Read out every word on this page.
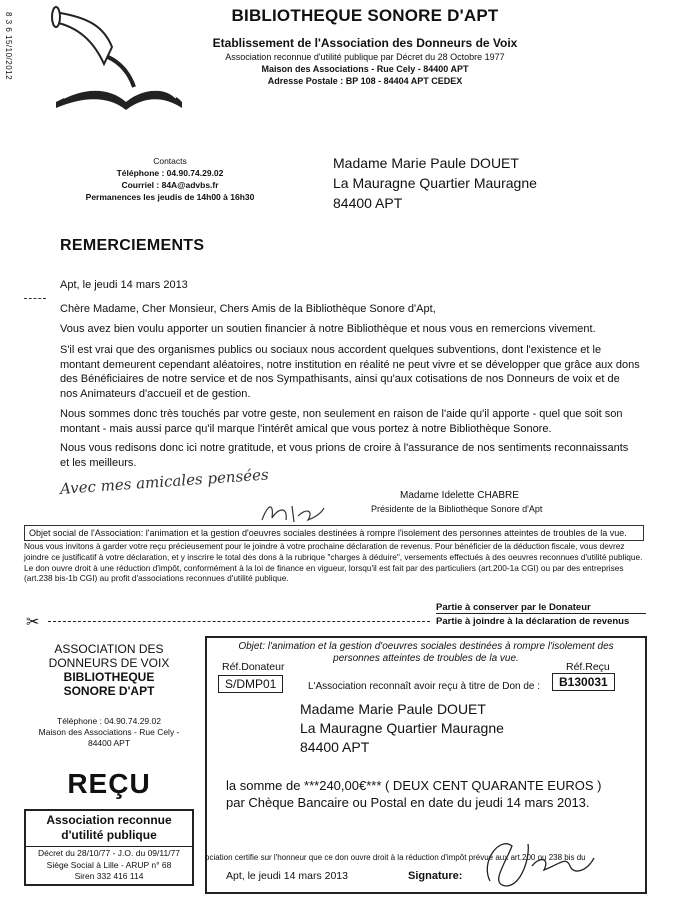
8 3 6 15/10/2012	BIBLIOTHEQUE SONORE D'APT
Etablissement de l'Association des Donneurs de Voix
Association reconnue d'utilité publique par Décret du 28 Octobre 1977
Maison des Associations - Rue Cely - 84400 APT
Adresse Postale : BP 108 - 84404 APT CEDEX
Contacts
Téléphone : 04.90.74.29.02
Courriel : 84A@advbs.fr
Permanences les jeudis de 14h00 à 16h30
Madame Marie Paule DOUET
La Mauragne Quartier Mauragne
84400 APT
REMERCIEMENTS
Apt, le jeudi 14 mars 2013
Chère Madame, Cher Monsieur, Chers Amis de la Bibliothèque Sonore d'Apt,
Vous avez bien voulu apporter un soutien financier à notre Bibliothèque et nous vous en remercions vivement.
S'il est vrai que des organismes publics ou sociaux nous accordent quelques subventions, dont l'existence et le montant demeurent cependant aléatoires, notre institution en réalité ne peut vivre et se développer que grâce aux dons des Bénéficiaires de notre service et de nos Sympathisants, ainsi qu'aux cotisations de nos Donneurs de voix et de nos Animateurs d'accueil et de gestion.
Nous sommes donc très touchés par votre geste, non seulement en raison de l'aide qu'il apporte - quel que soit son montant - mais aussi parce qu'il marque l'intérêt amical que vous portez à notre Bibliothèque Sonore.
Nous vous redisons donc ici notre gratitude, et vous prions de croire à l'assurance de nos sentiments reconnaissants et les meilleurs.
Avec mes amicales pensées	Madame Idelette CHABRE
Présidente de la Bibliothèque Sonore d'Apt
Objet social de l'Association: l'animation et la gestion d'oeuvres sociales destinées à rompre l'isolement des personnes atteintes de troubles de la vue.
Nous vous invitons à garder votre reçu précieusement pour le joindre à votre prochaine déclaration de revenus. Pour bénéficier de la déduction fiscale, vous devrez joindre ce justificatif à votre déclaration, et y inscrire le total des dons à la rubrique "charges à déduire", versements effectués à des oeuvres reconnues d'utilité publique. Le don ouvre droit à une réduction d'impôt, conformément à la loi de finance en vigueur, lorsqu'il est fait par des particuliers (art.200-1a CGI) ou par des entreprises (art.238 bis-1b CGI) au profit d'associations reconnues d'utilité publique.
Partie à conserver par le Donateur
✂	Partie à joindre à la déclaration de revenus
ASSOCIATION DES
DONNEURS DE VOIX
BIBLIOTHEQUE
SONORE D'APT
Téléphone : 04.90.74.29.02
Maison des Associations - Rue Cely -
84400 APT
REÇU
Association reconnue
d'utilité publique
Décret du 28/10/77 - J.O. du 09/11/77
Siège Social à Lille - ARUP n° 68
Siren 332 416 114
Objet: l'animation et la gestion d'oeuvres sociales destinées à rompre l'isolement des
personnes atteintes de troubles de la vue.
Réf.Donateur
S/DMP01
Réf.Reçu
B130031
L'Association reconnaît avoir reçu à titre de Don de :
Madame Marie Paule DOUET
La Mauragne Quartier Mauragne
84400 APT
la somme de ***240,00€*** ( DEUX CENT QUARANTE EUROS )
par Chèque Bancaire ou Postal en date du jeudi 14 mars 2013.
ociation certifie sur l'honneur que ce don ouvre droit à la réduction d'impôt prévue aux art.200 ou 238 bis du
Apt, le jeudi 14 mars 2013	Signature:
